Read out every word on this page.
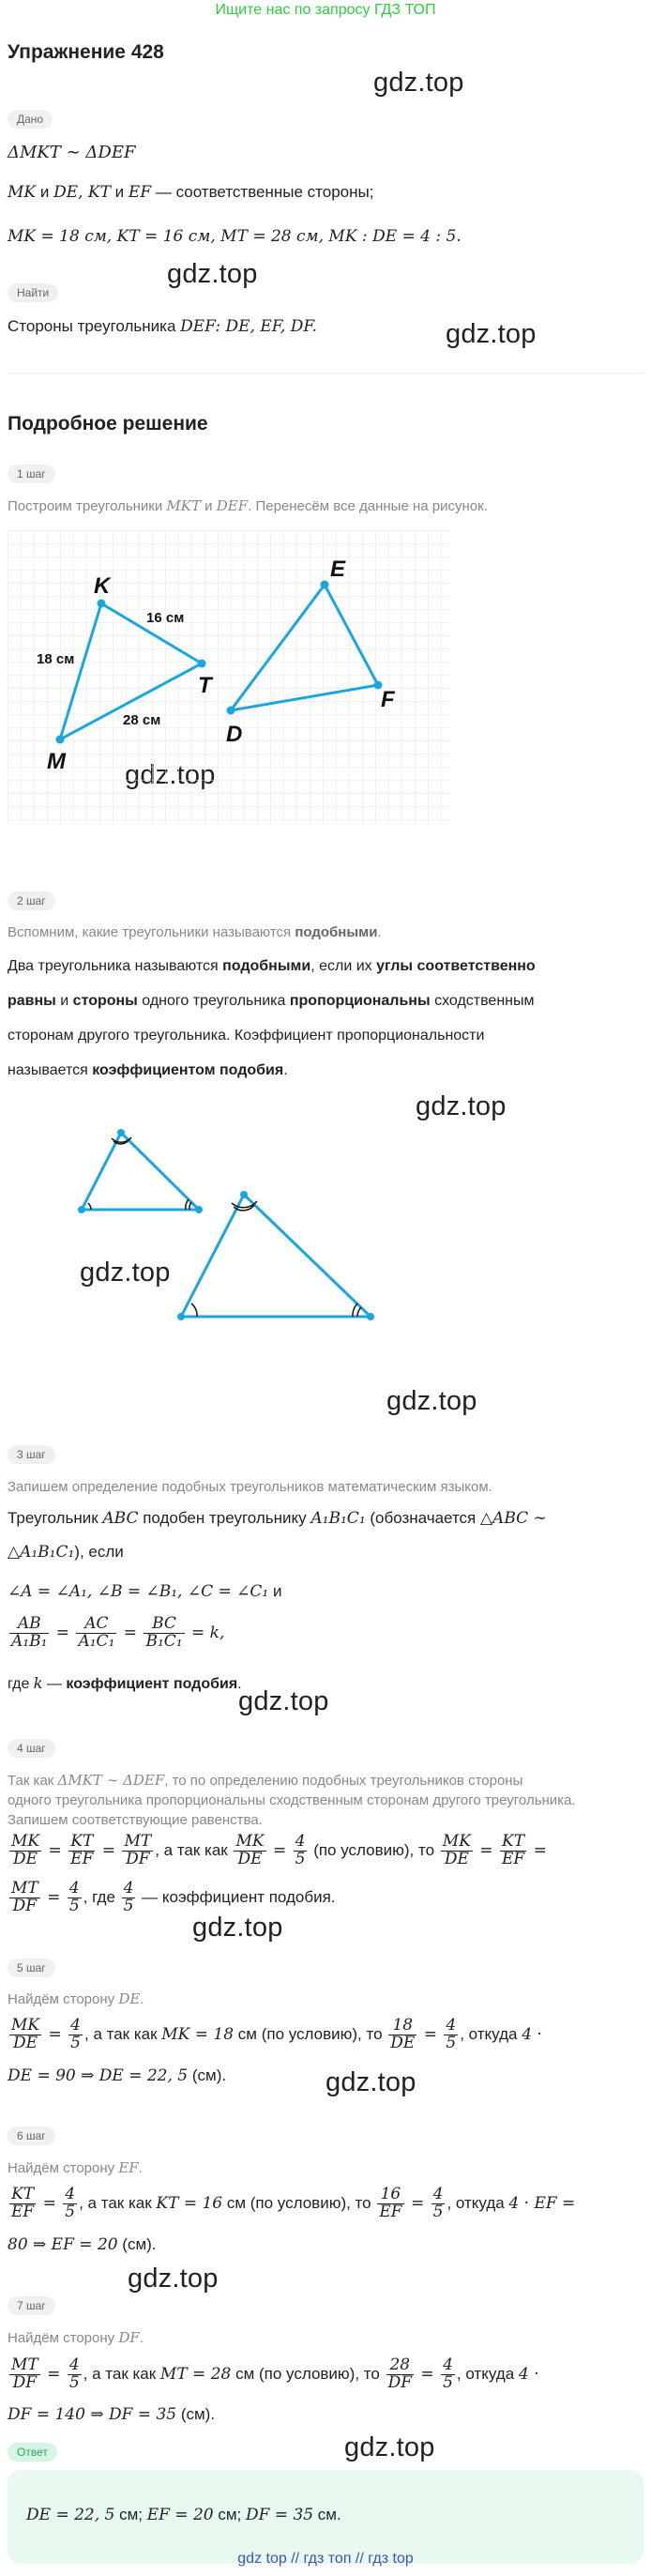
Ищите нас по запросу ГДЗ ТОП
Упражнение 428
gdz.top
gdz.top
gdz.top
gdz.top
gdz.top
gdz.top
gdz.top
gdz.top
gdz.top
gdz.top
gdz.top
Дано
ΔMKT ∼ ΔDEF
MK и DE, KT и EF — соответственные стороны;
MK = 18 см, KT = 16 см, MT = 28 см, MK : DE = 4 : 5.
Найти
Стороны треугольника DEF: DE, EF, DF.
Подробное решение
1 шаг
Построим треугольники MKT и DEF. Перенесём все данные на рисунок.
K
M
T
E
D
F
18 см
16 см
28 см
2 шаг
Вспомним, какие треугольники называются подобными.
Два треугольника называются подобными, если их углы соответственно
равны и стороны одного треугольника пропорциональны сходственным
сторонам другого треугольника. Коэффициент пропорциональности
называется коэффициентом подобия.
3 шаг
Запишем определение подобных треугольников математическим языком.
Треугольник ABC подобен треугольнику A₁B₁C₁ (обозначается △ABC ∼
△A₁B₁C₁), если
∠A = ∠A₁, ∠B = ∠B₁, ∠C = ∠C₁ и
$\frac{AB}{\text{A₁B₁}} = \frac{AC}{\text{A₁C₁}} = \frac{BC}{\text{B₁C₁}} = k$,
где k — коэффициент подобия.
4 шаг
Так как ΔMKT ∼ ΔDEF, то по определению подобных треугольников стороны
одного треугольника пропорциональны сходственным сторонам другого треугольника.
Запишем соответствующие равенства.
$\frac{MK}{DE} = \frac{KT}{EF} = \frac{MT}{DF}$ , а так как $\frac{MK}{DE} = \frac{4}{5} (по$ условию), то $\frac{MK}{DE} = \frac{KT}{EF}$ =
$\frac{MT}{DF} = \frac{4}{5}$ , где $\frac{4}{5}$ — коэффициент подобия.
5 шаг
Найдём сторону DE.
$\frac{MK}{DE} = \frac{4}{5}$ , а так как MK = 18 см (по условию), то $\frac{18}{DE} = \frac{4}{5}$ , откуда 4 ·
DE = 90 ⇒ DE = 22, 5 (см).
6 шаг
Найдём сторону EF.
$\frac{KT}{EF} = \frac{4}{5}$ , а так как KT = 16 см (по условию), то $\frac{16}{EF} = \frac{4}{5}$ , откуда 4 · EF =
80 ⇒ EF = 20 (см).
7 шаг
Найдём сторону DF.
$\frac{MT}{DF} = \frac{4}{5}$ , а так как MT = 28 см (по условию), то $\frac{28}{DF} = \frac{4}{5}$ , откуда 4 ·
DF = 140 ⇒ DF = 35 (см).
Ответ
DE = 22, 5 см; EF = 20 см; DF = 35 см.
gdz top // гдз топ // гдз top
